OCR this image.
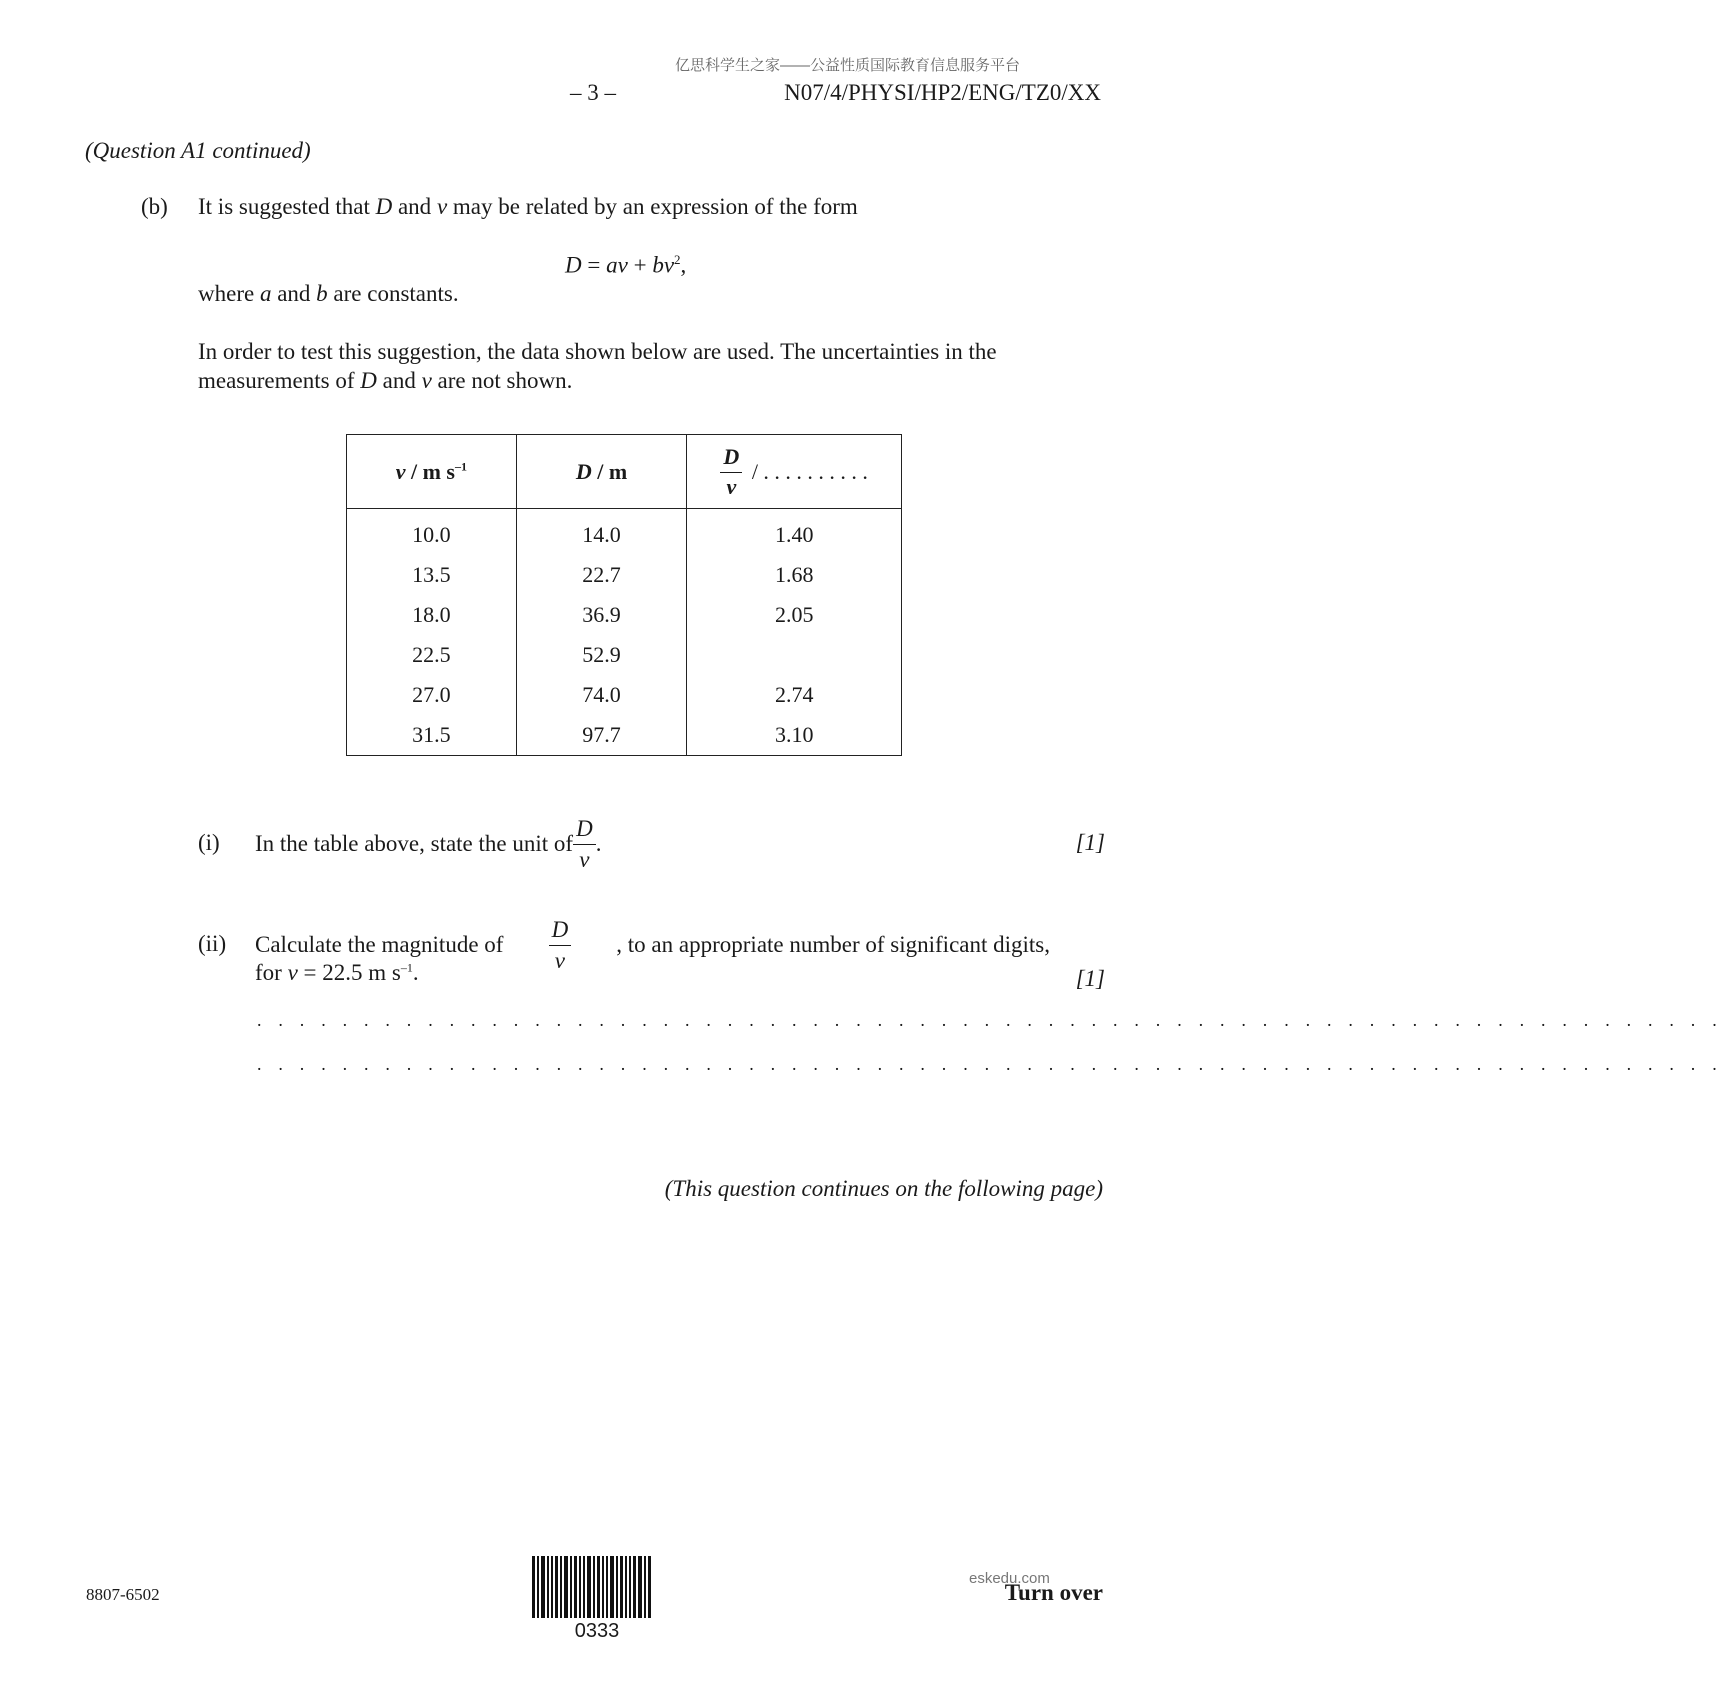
亿思科学生之家——公益性质国际教育信息服务平台
– 3 –	N07/4/PHYSI/HP2/ENG/TZ0/XX
(Question A1 continued)
(b) It is suggested that D and v may be related by an expression of the form
D = av + $bv^2$,
where a and b are constants.
In order to test this suggestion, the data shown below are used. The uncertainties in the
measurements of D and v are not shown.
v / m $s^{-1}$	D / m	$\frac{D}{v}$ / . . . . . . . . . .
10.0	14.0	1.40
13.5	22.7	1.68
18.0	36.9	2.05
22.5	52.9	
27.0	74.0	2.74
31.5	97.7	3.10
(i) In the table above, state the unit of $\frac{D}{v}$ .	[1]
(ii) Calculate the magnitude of $\frac{D}{v}$ , to an appropriate number of significant digits,
for v = 22.5 m $s^{-1}$.	[1]
. . . . . . . . . . . . . . . . . . . . . . . . . . . . . . . . . . . . . . . . . . . . . . . . . . . . . . . . . . . . . . . . . . . . .
. . . . . . . . . . . . . . . . . . . . . . . . . . . . . . . . . . . . . . . . . . . . . . . . . . . . . . . . . . . . . . . . . . . . .
(This question continues on the following page)
8807-6502
0333
eskedu.com
Turn over
